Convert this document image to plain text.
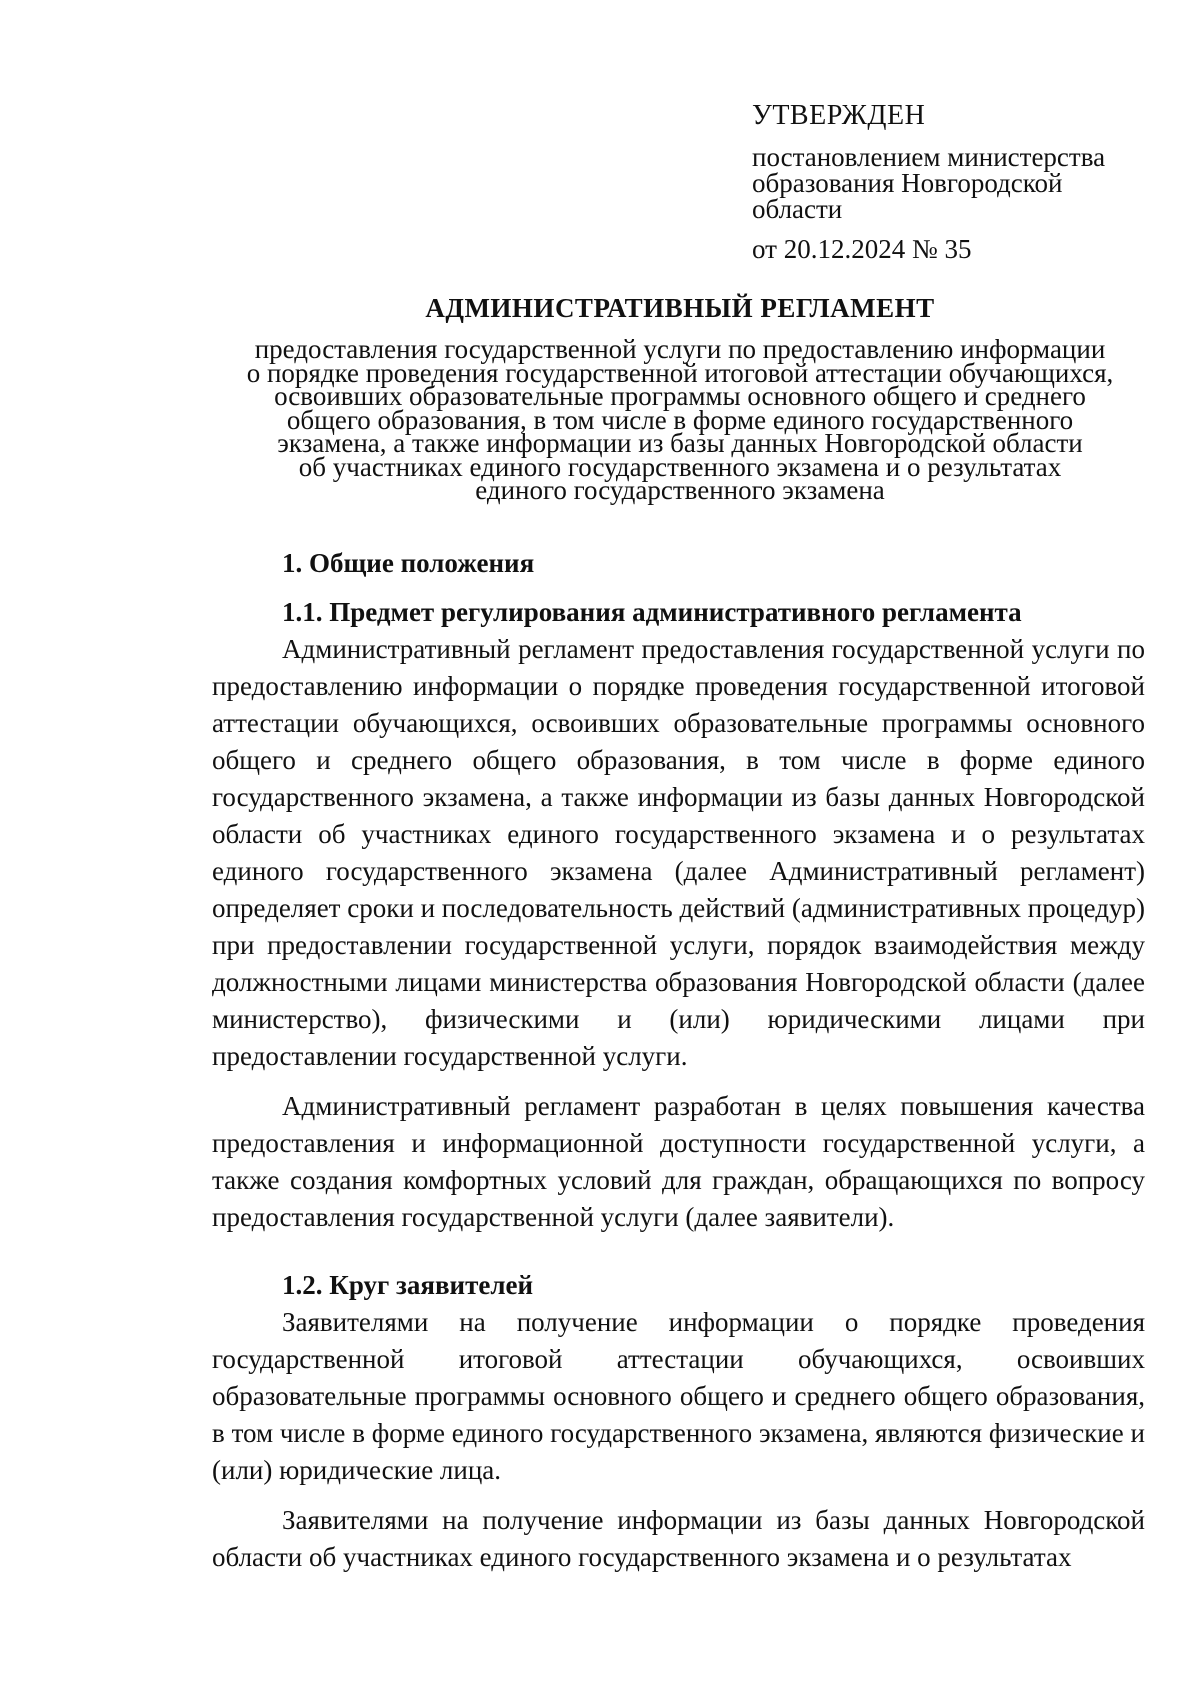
УТВЕРЖДЕН

постановлением министерства
образования Новгородской
области

от 20.12.2024 № 35

АДМИНИСТРАТИВНЫЙ РЕГЛАМЕНТ

предоставления государственной услуги по предоставлению информации
о порядке проведения государственной итоговой аттестации обучающихся,
освоивших образовательные программы основного общего и среднего
общего образования, в том числе в форме единого государственного
экзамена, а также информации из базы данных Новгородской области
об участниках единого государственного экзамена и о результатах
единого государственного экзамена

1. Общие положения

1.1. Предмет регулирования административного регламента

Административный регламент предоставления государственной услуги по предоставлению информации о порядке проведения государственной итоговой аттестации обучающихся, освоивших образовательные программы основного общего и среднего общего образования, в том числе в форме единого государственного экзамена, а также информации из базы данных Новгородской области об участниках единого государственного экзамена и о результатах единого государственного экзамена (далее Административный регламент) определяет сроки и последовательность действий (административных процедур) при предоставлении государственной услуги, порядок взаимодействия между должностными лицами министерства образования Новгородской области (далее министерство), физическими и (или) юридическими лицами при предоставлении государственной услуги.

Административный регламент разработан в целях повышения качества предоставления и информационной доступности государственной услуги, а также создания комфортных условий для граждан, обращающихся по вопросу предоставления государственной услуги (далее заявители).

1.2. Круг заявителей

Заявителями на получение информации о порядке проведения государственной итоговой аттестации обучающихся, освоивших образовательные программы основного общего и среднего общего образования, в том числе в форме единого государственного экзамена, являются физические и (или) юридические лица.

Заявителями на получение информации из базы данных Новгородской области об участниках единого государственного экзамена и о результатах
